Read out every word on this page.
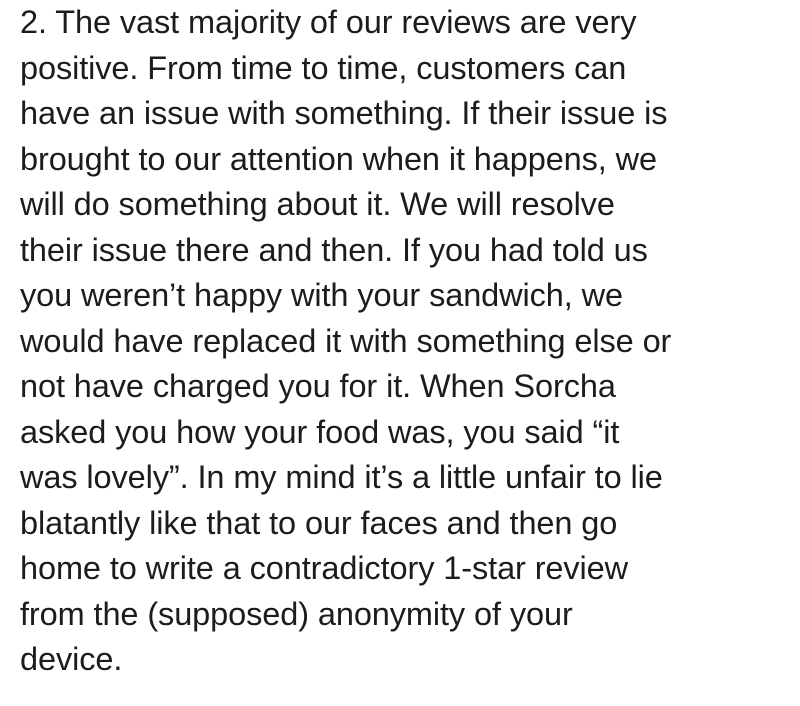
2. The vast majority of our reviews are very
positive. From time to time, customers can
have an issue with something. If their issue is
brought to our attention when it happens, we
will do something about it. We will resolve
their issue there and then. If you had told us
you weren’t happy with your sandwich, we
would have replaced it with something else or
not have charged you for it. When Sorcha
asked you how your food was, you said “it
was lovely”. In my mind it’s a little unfair to lie
blatantly like that to our faces and then go
home to write a contradictory 1-star review
from the (supposed) anonymity of your
device.
